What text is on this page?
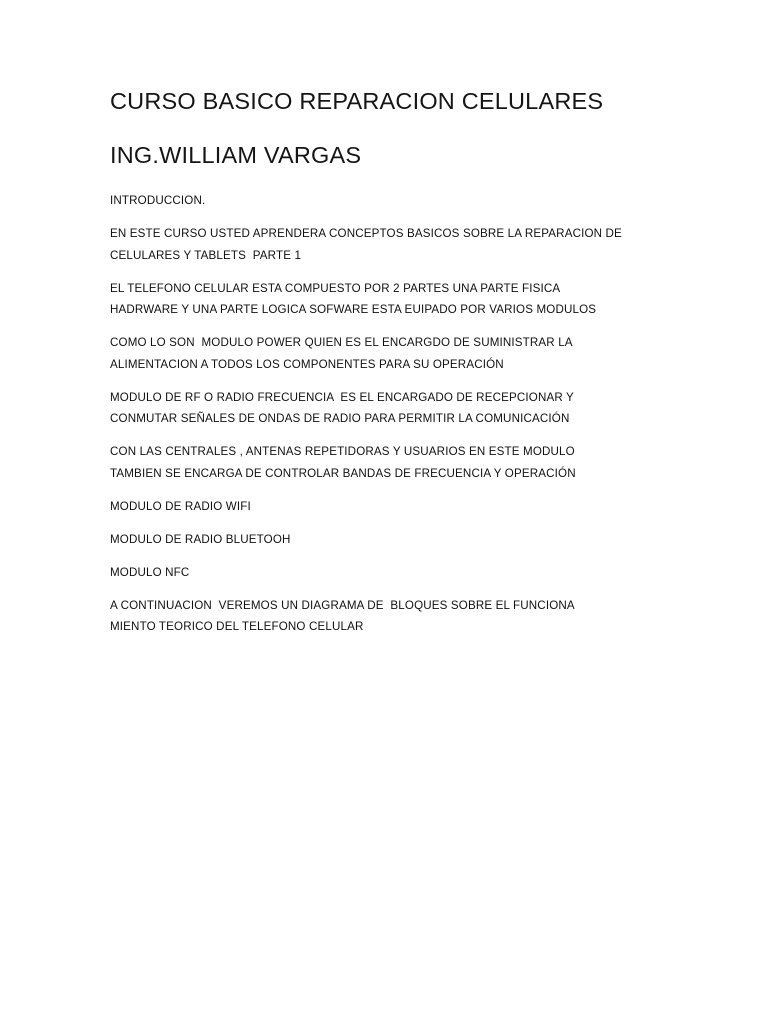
CURSO BASICO REPARACION CELULARES
ING.WILLIAM VARGAS

INTRODUCCION.

EN ESTE CURSO USTED APRENDERA CONCEPTOS BASICOS SOBRE LA REPARACION DE
CELULARES Y TABLETS  PARTE 1

EL TELEFONO CELULAR ESTA COMPUESTO POR 2 PARTES UNA PARTE FISICA
HADRWARE Y UNA PARTE LOGICA SOFWARE ESTA EUIPADO POR VARIOS MODULOS

COMO LO SON  MODULO POWER QUIEN ES EL ENCARGDO DE SUMINISTRAR LA
ALIMENTACION A TODOS LOS COMPONENTES PARA SU OPERACIÓN

MODULO DE RF O RADIO FRECUENCIA  ES EL ENCARGADO DE RECEPCIONAR Y
CONMUTAR SEÑALES DE ONDAS DE RADIO PARA PERMITIR LA COMUNICACIÓN

CON LAS CENTRALES , ANTENAS REPETIDORAS Y USUARIOS EN ESTE MODULO
TAMBIEN SE ENCARGA DE CONTROLAR BANDAS DE FRECUENCIA Y OPERACIÓN

MODULO DE RADIO WIFI

MODULO DE RADIO BLUETOOH

MODULO NFC

A CONTINUACION  VEREMOS UN DIAGRAMA DE  BLOQUES SOBRE EL FUNCIONA
MIENTO TEORICO DEL TELEFONO CELULAR
